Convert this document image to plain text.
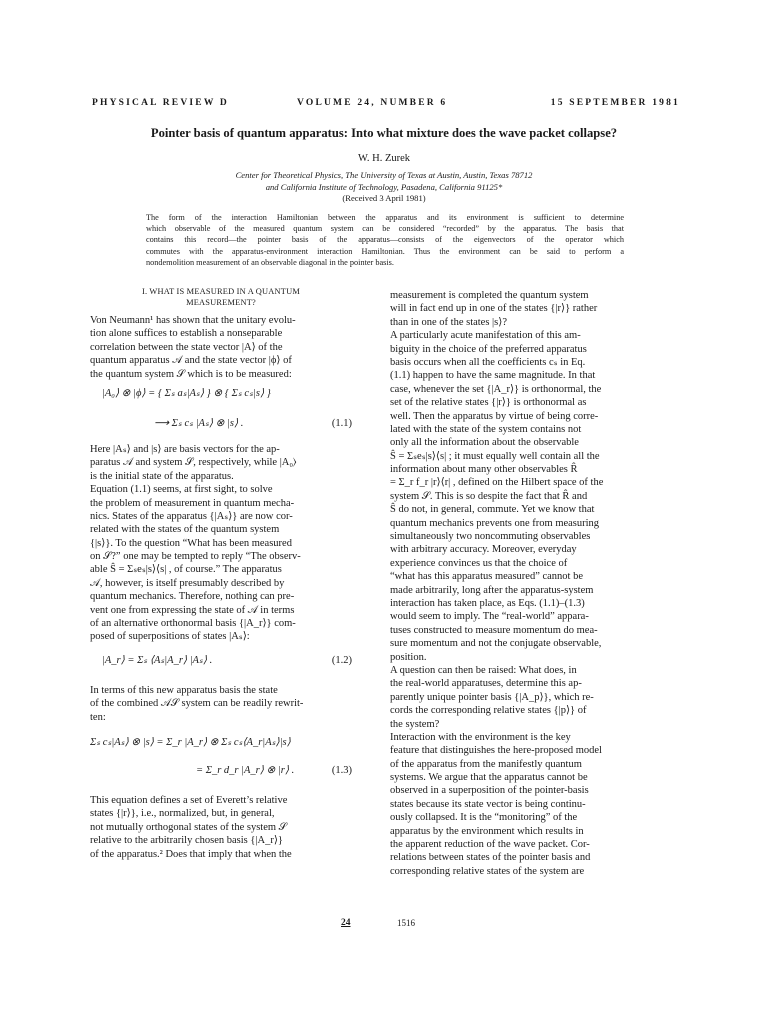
PHYSICAL REVIEW D	VOLUME 24, NUMBER 6	15 SEPTEMBER 1981
Pointer basis of quantum apparatus: Into what mixture does the wave packet collapse?
W. H. Zurek
Center for Theoretical Physics, The University of Texas at Austin, Austin, Texas 78712
and California Institute of Technology, Pasadena, California 91125*
(Received 3 April 1981)
The form of the interaction Hamiltonian between the apparatus and its environment is sufficient to determine
which observable of the measured quantum system can be considered “recorded” by the apparatus. The basis that
contains this record—the pointer basis of the apparatus—consists of the eigenvectors of the operator which
commutes with the apparatus-environment interaction Hamiltonian. Thus the environment can be said to perform a
nondemolition measurement of an observable diagonal in the pointer basis.
I. WHAT IS MEASURED IN A QUANTUM
MEASUREMENT?
Von Neumann¹ has shown that the unitary evolu-
tion alone suffices to establish a nonseparable
correlation between the state vector |A⟩ of the
quantum apparatus 𝒜 and the state vector |ϕ⟩ of
the quantum system 𝒮 which is to be measured:
|A₀⟩ ⊗ |ϕ⟩ = { Σₛ aₛ|Aₛ⟩ } ⊗ { Σₛ cₛ|s⟩ }
⟶ Σₛ cₛ |Aₛ⟩ ⊗ |s⟩ .	(1.1)
Here |Aₛ⟩ and |s⟩ are basis vectors for the ap-
paratus 𝒜 and system 𝒮, respectively, while |A₀⟩
is the initial state of the apparatus.
Equation (1.1) seems, at first sight, to solve
the problem of measurement in quantum mecha-
nics. States of the apparatus {|Aₛ⟩} are now cor-
related with the states of the quantum system
{|s⟩}. To the question “What has been measured
on 𝒮?” one may be tempted to reply “The observ-
able Ŝ = Σₛeₛ|s⟩⟨s| , of course.” The apparatus
𝒜, however, is itself presumably described by
quantum mechanics. Therefore, nothing can pre-
vent one from expressing the state of 𝒜 in terms
of an alternative orthonormal basis {|A_r⟩} com-
posed of superpositions of states |Aₛ⟩:
|A_r⟩ = Σₛ ⟨Aₛ|A_r⟩ |Aₛ⟩ .	(1.2)
In terms of this new apparatus basis the state
of the combined 𝒜𝒮 system can be readily rewrit-
ten:
Σₛ cₛ|Aₛ⟩ ⊗ |s⟩ = Σ_r |A_r⟩ ⊗ Σₛ cₛ⟨A_r|Aₛ⟩|s⟩
= Σ_r d_r |A_r⟩ ⊗ |r⟩ .	(1.3)
This equation defines a set of Everett’s relative
states {|r⟩}, i.e., normalized, but, in general,
not mutually orthogonal states of the system 𝒮
relative to the arbitrarily chosen basis {|A_r⟩}
of the apparatus.² Does that imply that when the
measurement is completed the quantum system
will in fact end up in one of the states {|r⟩} rather
than in one of the states |s⟩?
A particularly acute manifestation of this am-
biguity in the choice of the preferred apparatus
basis occurs when all the coefficients cₛ in Eq.
(1.1) happen to have the same magnitude. In that
case, whenever the set {|A_r⟩} is orthonormal, the
set of the relative states {|r⟩} is orthonormal as
well. Then the apparatus by virtue of being corre-
lated with the state of the system contains not
only all the information about the observable
Ŝ = Σₛeₛ|s⟩⟨s| ; it must equally well contain all the
information about many other observables R̂
= Σ_r f_r |r⟩⟨r| , defined on the Hilbert space of the
system 𝒮. This is so despite the fact that R̂ and
Ŝ do not, in general, commute. Yet we know that
quantum mechanics prevents one from measuring
simultaneously two noncommuting observables
with arbitrary accuracy. Moreover, everyday
experience convinces us that the choice of
“what has this apparatus measured” cannot be
made arbitrarily, long after the apparatus-system
interaction has taken place, as Eqs. (1.1)–(1.3)
would seem to imply. The “real-world” appara-
tuses constructed to measure momentum do mea-
sure momentum and not the conjugate observable,
position.
A question can then be raised: What does, in
the real-world apparatuses, determine this ap-
parently unique pointer basis {|A_p⟩}, which re-
cords the corresponding relative states {|p⟩} of
the system?
Interaction with the environment is the key
feature that distinguishes the here-proposed model
of the apparatus from the manifestly quantum
systems. We argue that the apparatus cannot be
observed in a superposition of the pointer-basis
states because its state vector is being continu-
ously collapsed. It is the “monitoring” of the
apparatus by the environment which results in
the apparent reduction of the wave packet. Cor-
relations between states of the pointer basis and
corresponding relative states of the system are
24	1516
